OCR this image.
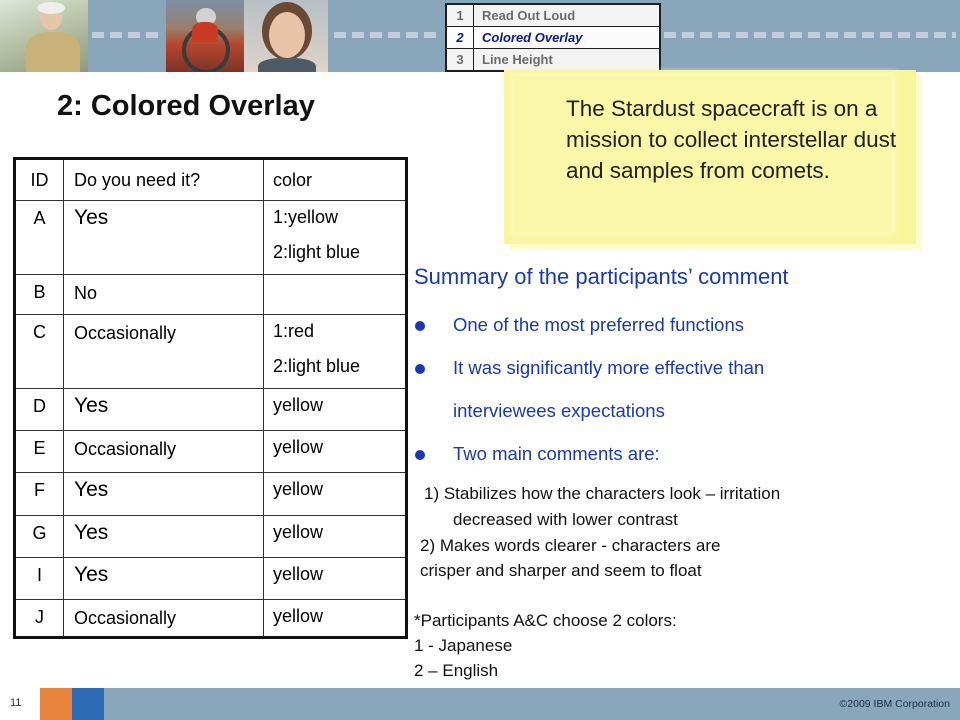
1	Read Out Loud
2	Colored Overlay
3	Line Height
2: Colored Overlay	The Stardust spacecraft is on a mission to collect interstellar dust and samples from comets.
ID	Do you need it?	color

A	Yes	1:yellow
2:light blue

B	No	

C	Occasionally	1:red
2:light blue

D	Yes	yellow

E	Occasionally	yellow

F	Yes	yellow

G	Yes	yellow

I	Yes	yellow

J	Occasionally	yellow
Summary of the participants’ comment
One of the most preferred functions
It was significantly more effective than
interviewees expectations
Two main comments are:
1) Stabilizes how the characters look – irritation
decreased with lower contrast
2) Makes words clearer - characters are
crisper and sharper and seem to float
*Participants A&C choose 2 colors:
1 - Japanese
2 – English
11	©2009 IBM Corporation
